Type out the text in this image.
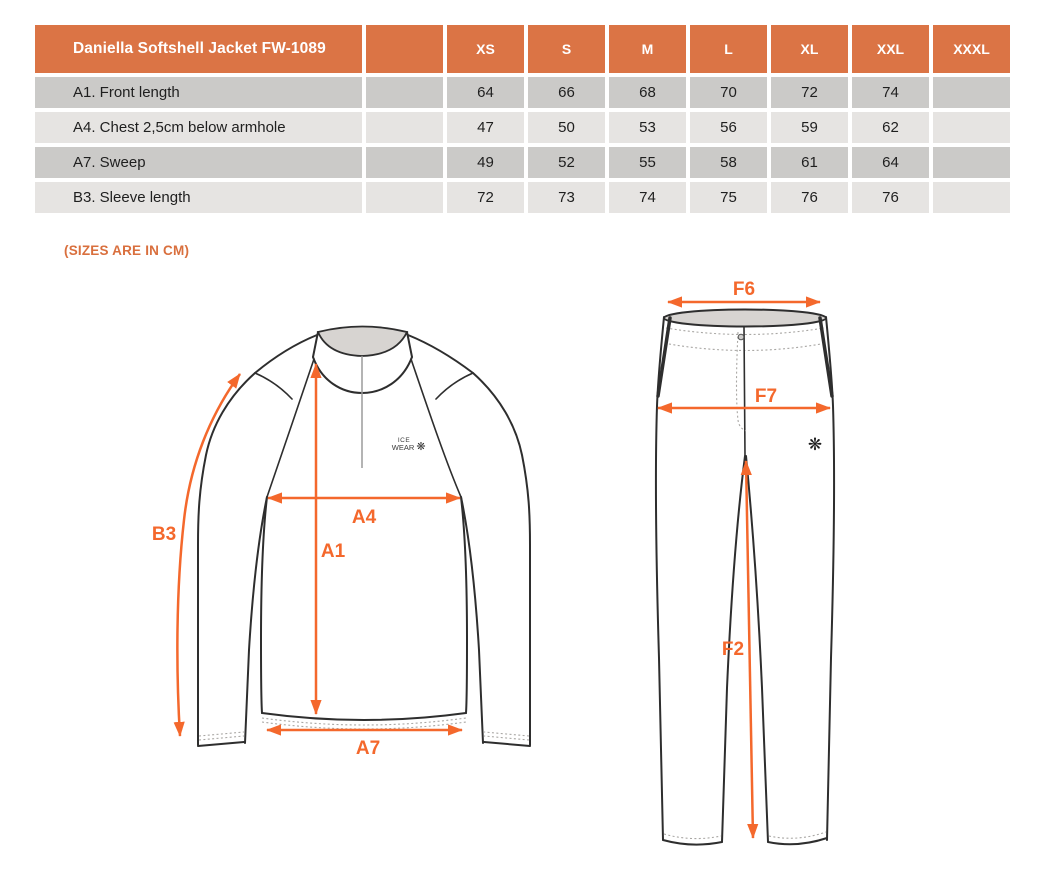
Daniella Softshell Jacket FW-1089		XS	S	M	L	XL	XXL	XXXL
A1. Front length		64	66	68	70	72	74	
A4. Chest 2,5cm below armhole		47	50	53	56	59	62	
A7. Sweep		49	52	55	58	61	64	
B3. Sleeve length		72	73	74	75	76	76	
(SIZES ARE IN CM)
ICE
WEAR ❋
B3
A4
A1
A7
❋
F6
F7
F2
